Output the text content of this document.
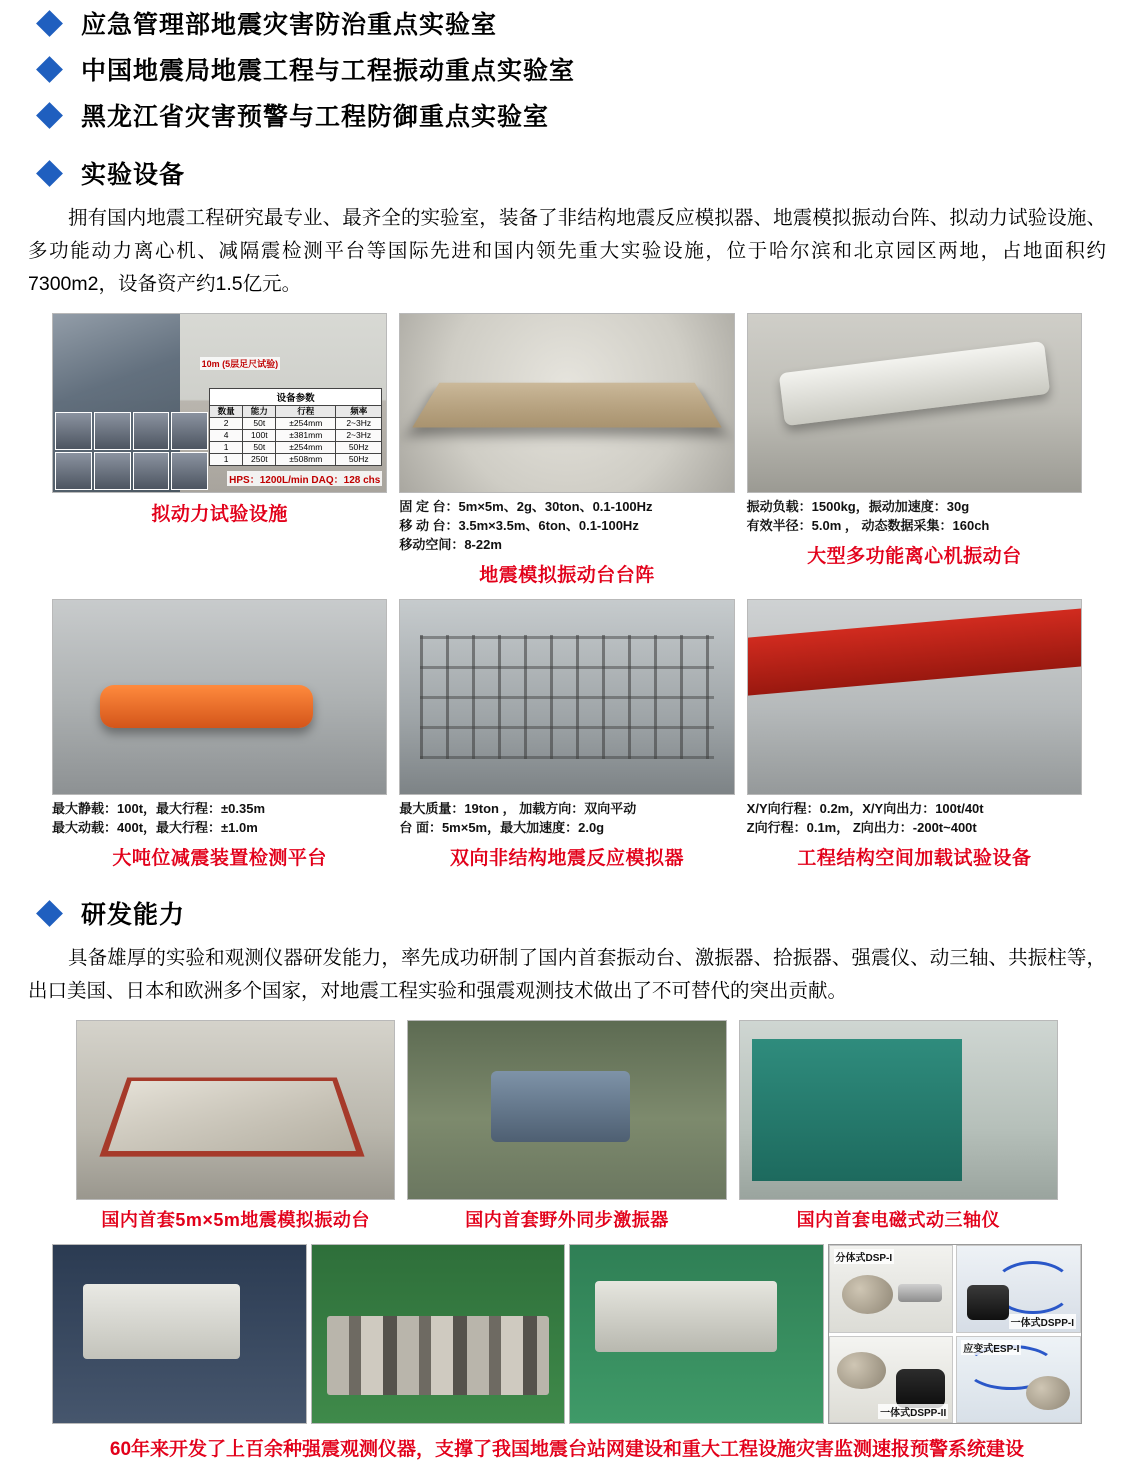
应急管理部地震灾害防治重点实验室
中国地震局地震工程与工程振动重点实验室
黑龙江省灾害预警与工程防御重点实验室
实验设备

拥有国内地震工程研究最专业、最齐全的实验室，装备了非结构地震反应模拟器、地震模拟振动台阵、拟动力试验设施、多功能动力离心机、减隔震检测平台等国际先进和国内领先重大实验设施，位于哈尔滨和北京园区两地，占地面积约7300m2，设备资产约1.5亿元。

10m (5层足尺试验)
设备参数
数量	能力	行程	频率
2	50t	±254mm	2~3Hz
4	100t	±381mm	2~3Hz
1	50t	±254mm	50Hz
1	250t	±508mm	50Hz
HPS：1200L/min DAQ：128 chs
拟动力试验设施	固 定 台：5m×5m、2g、30ton、0.1-100Hz
移 动 台：3.5m×3.5m、6ton、0.1-100Hz
移动空间：8-22m
地震模拟振动台台阵
振动负载：1500kg，振动加速度：30g
有效半径：5.0m ， 动态数据采集：160ch
大型多功能离心机振动台
最大静载：100t，最大行程：±0.35m
最大动载：400t，最大行程：±1.0m
大吨位减震装置检测平台
最大质量：19ton ， 加载方向：双向平动
台 面：5m×5m，最大加速度：2.0g
双向非结构地震反应模拟器
X/Y向行程：0.2m，X/Y向出力：100t/40t
Z向行程：0.1m， Z向出力：-200t~400t
工程结构空间加载试验设备
研发能力

具备雄厚的实验和观测仪器研发能力，率先成功研制了国内首套振动台、激振器、拾振器、强震仪、动三轴、共振柱等，出口美国、日本和欧洲多个国家，对地震工程实验和强震观测技术做出了不可替代的突出贡献。

国内首套5m×5m地震模拟振动台	国内首套野外同步激振器	国内首套电磁式动三轴仪
分体式DSP-I
一体式DSPP-I
一体式DSPP-II
应变式ESP-I
60年来开发了上百余种强震观测仪器，支撑了我国地震台站网建设和重大工程设施灾害监测速报预警系统建设
